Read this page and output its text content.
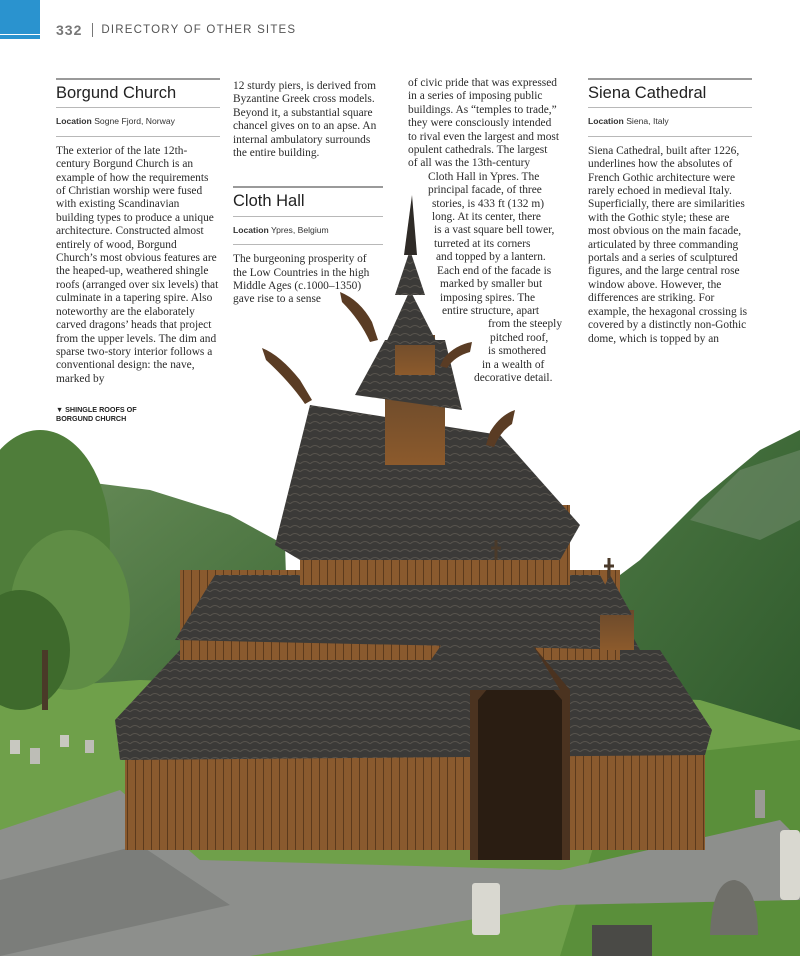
332 DIRECTORY OF OTHER SITES
Borgund Church
Location Sogne Fjord, Norway

The exterior of the late 12th-century Borgund Church is an example of how the requirements of Christian worship were fused with existing Scandinavian building types to produce a unique architecture. Constructed almost entirely of wood, Borgund Church’s most obvious features are the heaped-up, weathered shingle roofs (arranged over six levels) that culminate in a tapering spire. Also noteworthy are the elaborately carved dragons’ heads that project from the upper levels. The dim and sparse two-story interior follows a conventional design: the nave, marked by

▼ SHINGLE ROOFS OF
BORGUND CHURCH

12 sturdy piers, is derived from Byzantine Greek cross models. Beyond it, a substantial square chancel gives on to an apse. An internal ambulatory surrounds the entire building.

Cloth Hall
Location Ypres, Belgium

The burgeoning prosperity of the Low Countries in the high Middle Ages (c.1000–1350) gave rise to a sense

of civic pride that was expressed
in a series of imposing public
buildings. As “temples to trade,”
they were consciously intended
to rival even the largest and most
opulent cathedrals. The largest
of all was the 13th-century
Cloth Hall in Ypres. The
principal facade, of three
stories, is 433 ft (132 m)
long. At its center, there
is a vast square bell tower,
turreted at its corners
and topped by a lantern.
Each end of the facade is
marked by smaller but
imposing spires. The
entire structure, apart
from the steeply
pitched roof,
is smothered
in a wealth of
decorative detail.
Siena Cathedral
Location Siena, Italy

Siena Cathedral, built after 1226, underlines how the absolutes of French Gothic architecture were rarely echoed in medieval Italy. Superficially, there are similarities with the Gothic style; these are most obvious on the main facade, articulated by three commanding portals and a series of sculptured figures, and the large central rose window above. However, the differences are striking. For example, the hexagonal crossing is covered by a distinctly non-Gothic dome, which is topped by an
